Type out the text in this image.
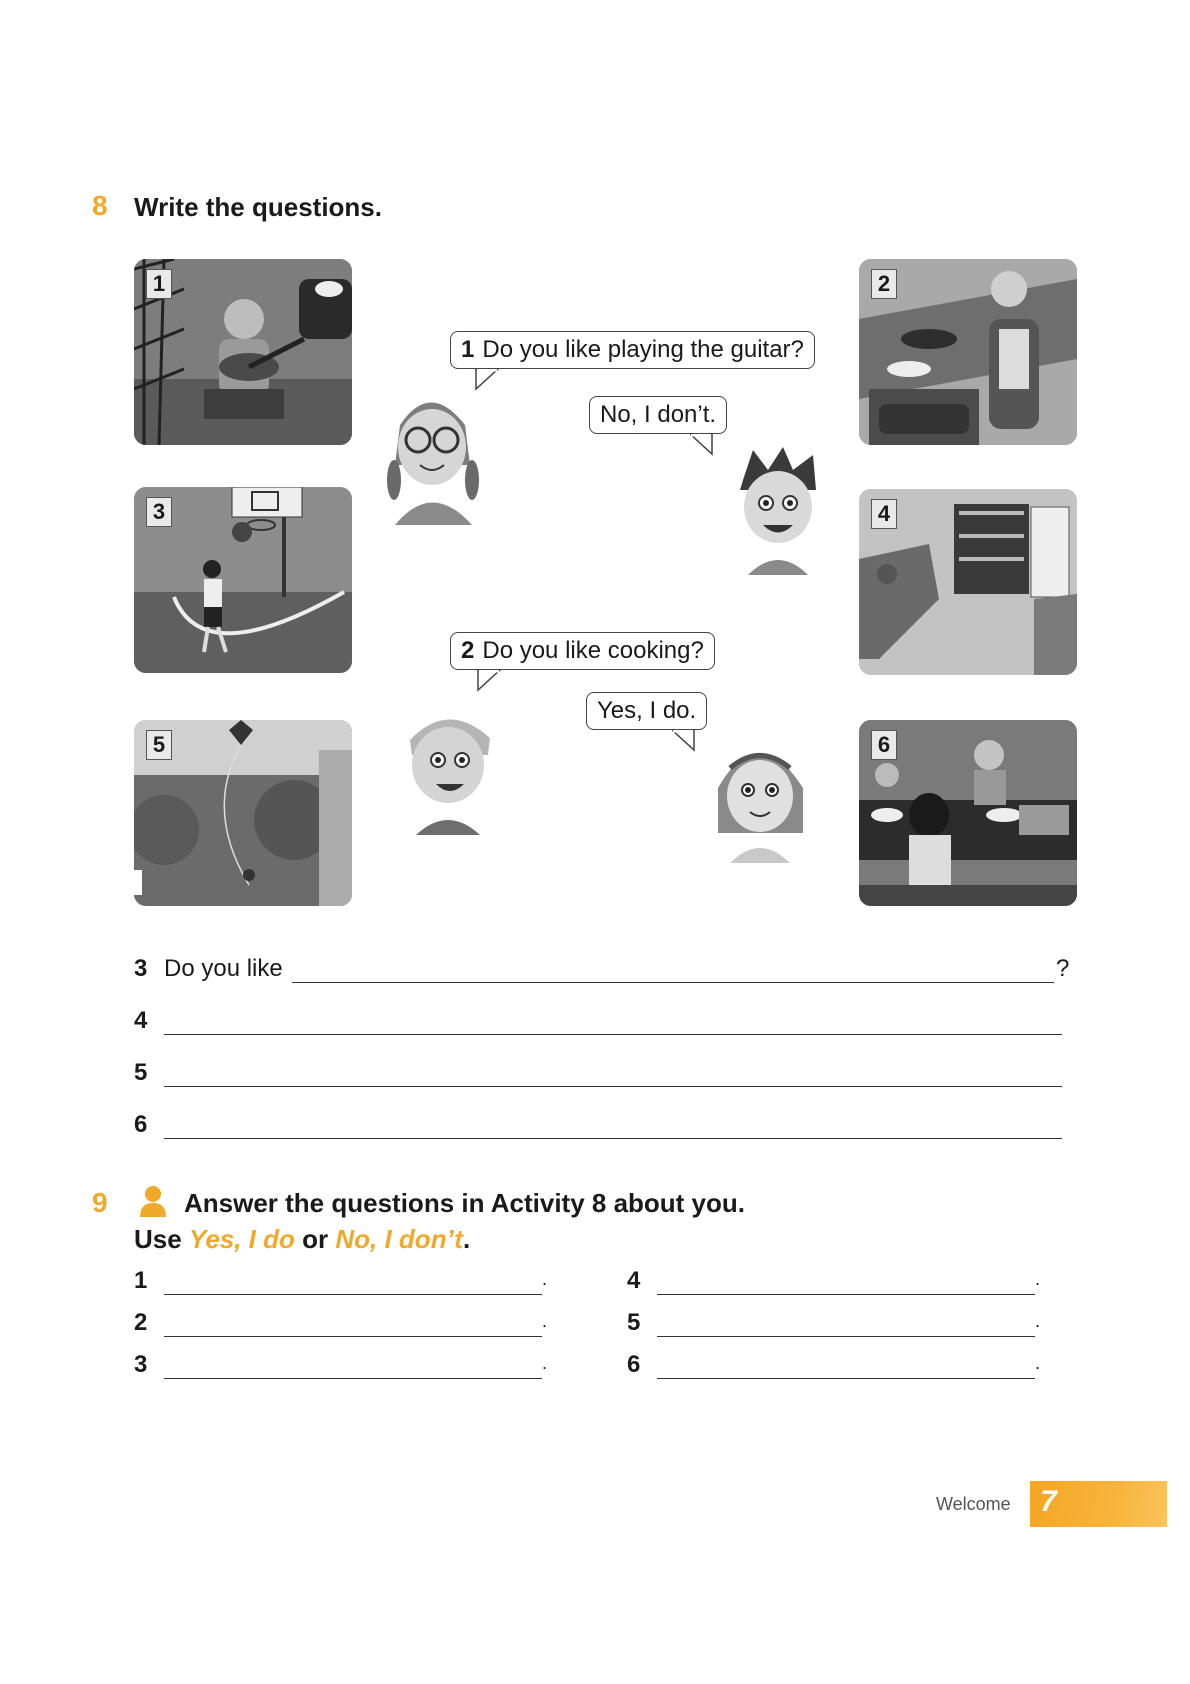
8 Write the questions.
1	2
3	4
5	6
1 Do you like playing the guitar?
No, I don’t.
2 Do you like cooking?
Yes, I do.
3 Do you like	?
4
5
6
9	Answer the questions in Activity 8 about you.
Use Yes, I do or No, I don’t.
1	.
2	.
3	.
4	.
5	.
6	.
Welcome 7
